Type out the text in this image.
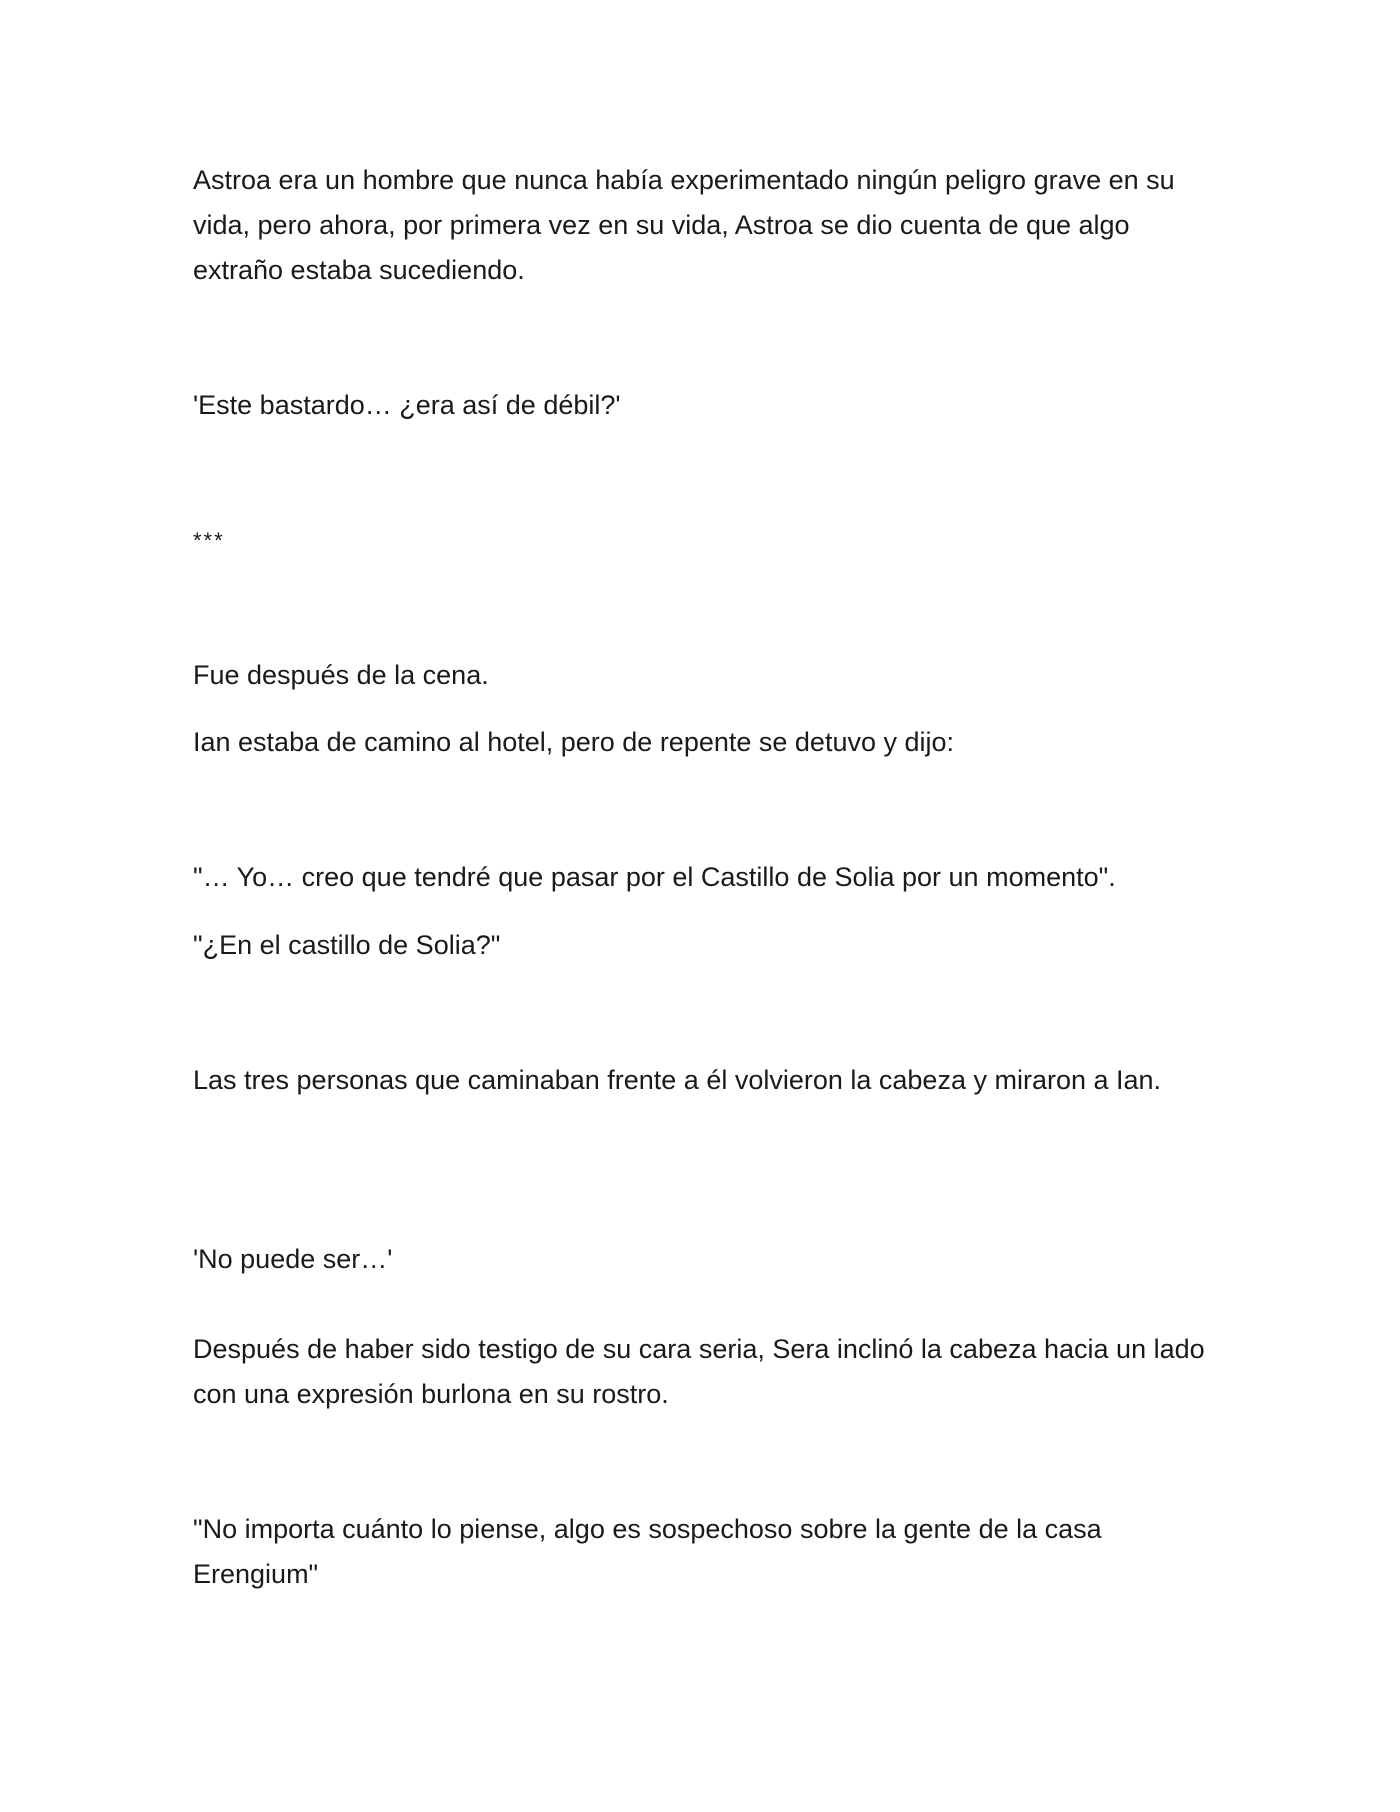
Astroa era un hombre que nunca había experimentado ningún peligro grave en su vida, pero ahora, por primera vez en su vida, Astroa se dio cuenta de que algo extraño estaba sucediendo.

'Este bastardo… ¿era así de débil?'

***

Fue después de la cena.

Ian estaba de camino al hotel, pero de repente se detuvo y dijo:

"… Yo… creo que tendré que pasar por el Castillo de Solia por un momento".

"¿En el castillo de Solia?"

Las tres personas que caminaban frente a él volvieron la cabeza y miraron a Ian.

'No puede ser…'

Después de haber sido testigo de su cara seria, Sera inclinó la cabeza hacia un lado con una expresión burlona en su rostro.

"No importa cuánto lo piense, algo es sospechoso sobre la gente de la casa Erengium"
